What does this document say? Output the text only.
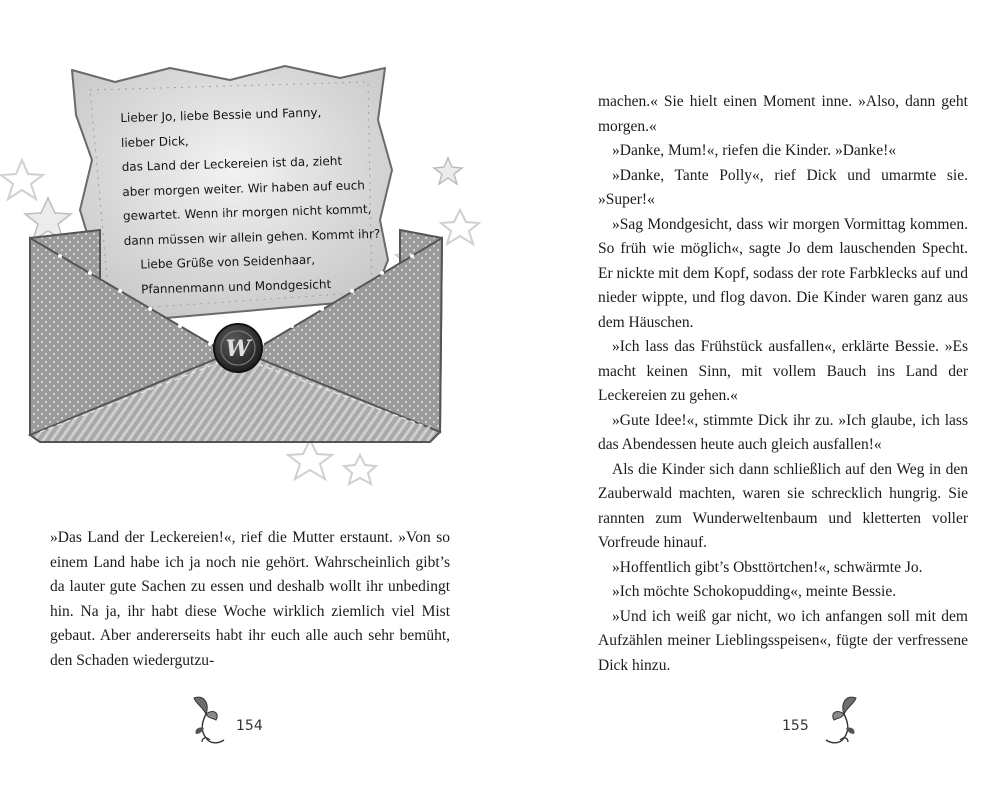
W
Lieber Jo, liebe Bessie und Fanny,
lieber Dick,
das Land der Leckereien ist da, zieht
aber morgen weiter. Wir haben auf euch
gewartet. Wenn ihr morgen nicht kommt,
dann müssen wir allein gehen. Kommt ihr?
Liebe Grüße von Seidenhaar,
Pfannenmann und Mondgesicht

»Das Land der Leckereien!«, rief die Mutter erstaunt. »Von so einem Land habe ich ja noch nie gehört. Wahrscheinlich gibt’s da lauter gute Sachen zu essen und deshalb wollt ihr unbedingt hin. Na ja, ihr habt diese Woche wirklich ziemlich viel Mist gebaut. Aber andererseits habt ihr euch alle auch sehr bemüht, den Schaden wiedergutzu-

154

machen.« Sie hielt einen Moment inne. »Also, dann geht morgen.«

»Danke, Mum!«, riefen die Kinder. »Danke!«

»Danke, Tante Polly«, rief Dick und umarmte sie. »Super!«

»Sag Mondgesicht, dass wir morgen Vormittag kommen. So früh wie möglich«, sagte Jo dem lauschenden Specht. Er nickte mit dem Kopf, sodass der rote Farbklecks auf und nieder wippte, und flog davon. Die Kinder waren ganz aus dem Häuschen.

»Ich lass das Frühstück ausfallen«, erklärte Bessie. »Es macht keinen Sinn, mit vollem Bauch ins Land der Leckereien zu gehen.«

»Gute Idee!«, stimmte Dick ihr zu. »Ich glaube, ich lass das Abendessen heute auch gleich ausfallen!«

Als die Kinder sich dann schließlich auf den Weg in den Zauberwald machten, waren sie schrecklich hungrig. Sie rannten zum Wunderweltenbaum und kletterten voller Vorfreude hinauf.

»Hoffentlich gibt’s Obsttörtchen!«, schwärmte Jo.

»Ich möchte Schokopudding«, meinte Bessie.

»Und ich weiß gar nicht, wo ich anfangen soll mit dem Aufzählen meiner Lieblingsspeisen«, fügte der verfressene Dick hinzu.

155
